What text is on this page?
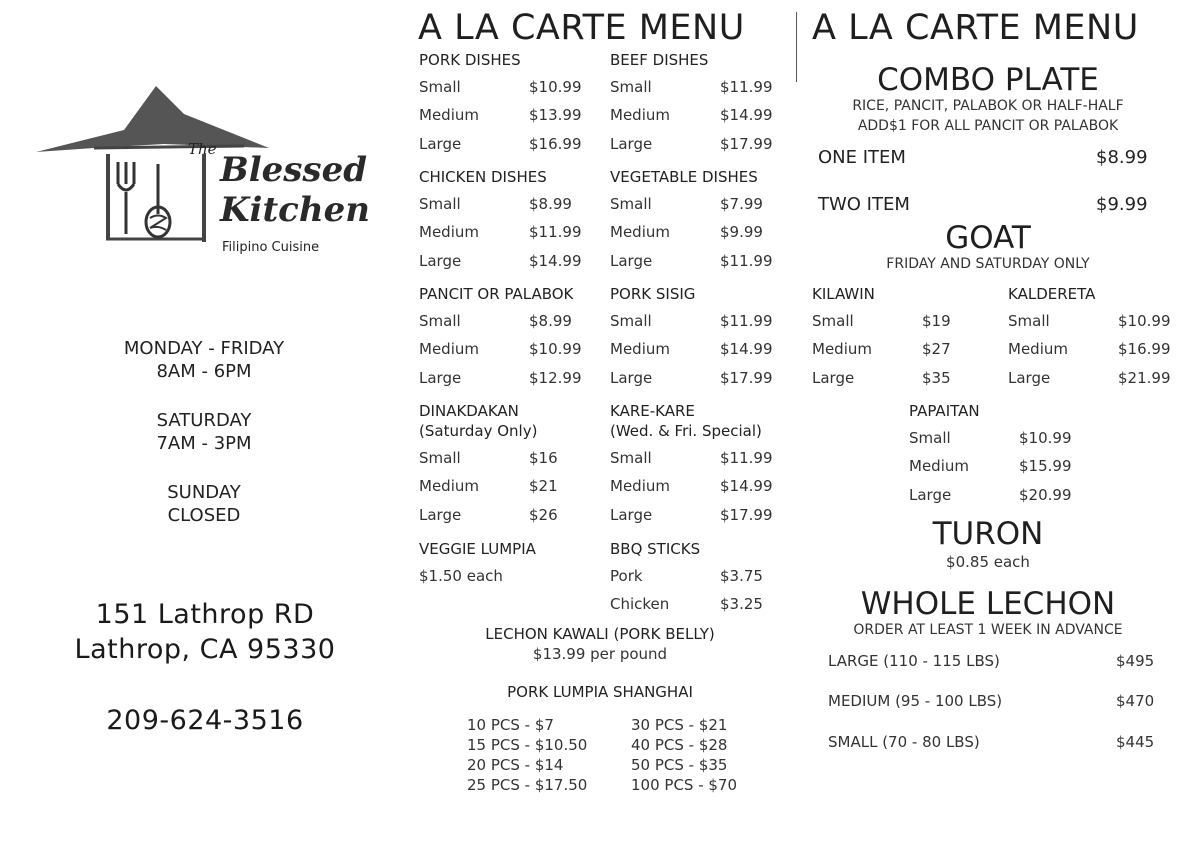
The
Blessed
Kitchen
Filipino Cuisine
MONDAY - FRIDAY
8AM - 6PM
SATURDAY
7AM - 3PM
SUNDAY
CLOSED
151 Lathrop RD
Lathrop, CA 95330
209-624-3516
A LA CARTE MENU
PORK DISHES
Small	$10.99
Medium	$13.99
Large	$16.99
BEEF DISHES
Small	$11.99
Medium	$14.99
Large	$17.99
CHICKEN DISHES
Small	$8.99
Medium	$11.99
Large	$14.99
VEGETABLE DISHES
Small	$7.99
Medium	$9.99
Large	$11.99
PANCIT OR PALABOK
Small	$8.99
Medium	$10.99
Large	$12.99
PORK SISIG
Small	$11.99
Medium	$14.99
Large	$17.99
DINAKDAKAN
(Saturday Only)
Small	$16
Medium	$21
Large	$26
KARE-KARE
(Wed. & Fri. Special)
Small	$11.99
Medium	$14.99
Large	$17.99
VEGGIE LUMPIA
$1.50 each
BBQ STICKS
Pork	$3.75
Chicken	$3.25
LECHON KAWALI (PORK BELLY)
$13.99 per pound
PORK LUMPIA SHANGHAI
10 PCS - $7
15 PCS - $10.50
20 PCS - $14
25 PCS - $17.50
30 PCS - $21
40 PCS - $28
50 PCS - $35
100 PCS - $70
A LA CARTE MENU
COMBO PLATE
RICE, PANCIT, PALABOK OR HALF-HALF
ADD$1 FOR ALL PANCIT OR PALABOK
ONE ITEM	$8.99
TWO ITEM	$9.99
GOAT
FRIDAY AND SATURDAY ONLY
KILAWIN
Small	$19
Medium	$27
Large	$35
KALDERETA
Small	$10.99
Medium	$16.99
Large	$21.99
PAPAITAN
Small	$10.99
Medium	$15.99
Large	$20.99
TURON
$0.85 each
WHOLE LECHON
ORDER AT LEAST 1 WEEK IN ADVANCE
LARGE (110 - 115 LBS)	$495
MEDIUM (95 - 100 LBS)	$470
SMALL (70 - 80 LBS)	$445
